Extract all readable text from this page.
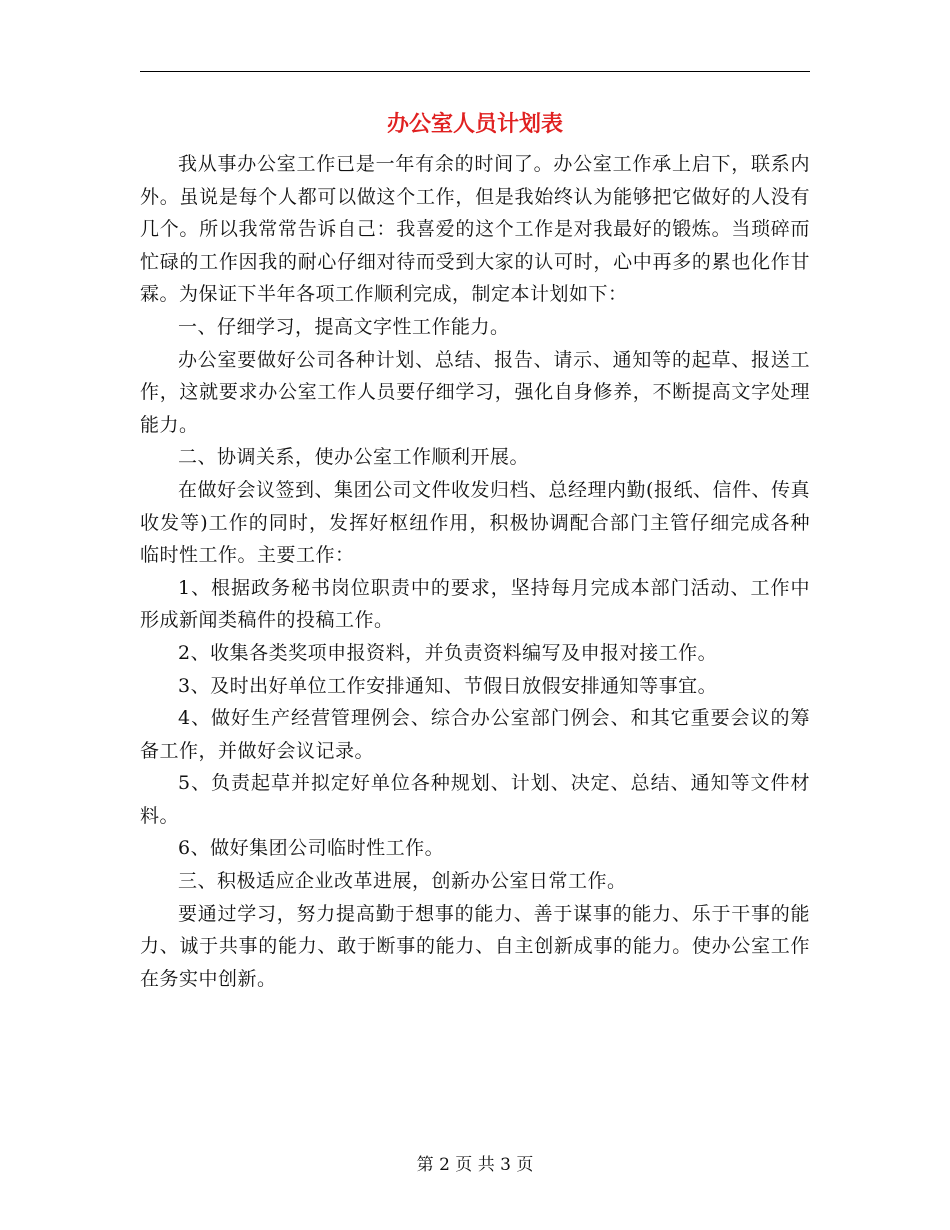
办公室人员计划表

我从事办公室工作已是一年有余的时间了。办公室工作承上启下，联系内外。虽说是每个人都可以做这个工作，但是我始终认为能够把它做好的人没有几个。所以我常常告诉自己：我喜爱的这个工作是对我最好的锻炼。当琐碎而忙碌的工作因我的耐心仔细对待而受到大家的认可时，心中再多的累也化作甘霖。为保证下半年各项工作顺利完成，制定本计划如下：

一、仔细学习，提高文字性工作能力。

办公室要做好公司各种计划、总结、报告、请示、通知等的起草、报送工作，这就要求办公室工作人员要仔细学习，强化自身修养，不断提高文字处理能力。

二、协调关系，使办公室工作顺利开展。

在做好会议签到、集团公司文件收发归档、总经理内勤(报纸、信件、传真收发等)工作的同时，发挥好枢纽作用，积极协调配合部门主管仔细完成各种临时性工作。主要工作：

1、根据政务秘书岗位职责中的要求，坚持每月完成本部门活动、工作中形成新闻类稿件的投稿工作。

2、收集各类奖项申报资料，并负责资料编写及申报对接工作。

3、及时出好单位工作安排通知、节假日放假安排通知等事宜。

4、做好生产经营管理例会、综合办公室部门例会、和其它重要会议的筹备工作，并做好会议记录。

5、负责起草并拟定好单位各种规划、计划、决定、总结、通知等文件材料。

6、做好集团公司临时性工作。

三、积极适应企业改革进展，创新办公室日常工作。

要通过学习，努力提高勤于想事的能力、善于谋事的能力、乐于干事的能力、诚于共事的能力、敢于断事的能力、自主创新成事的能力。使办公室工作在务实中创新。

第 2 页 共 3 页
